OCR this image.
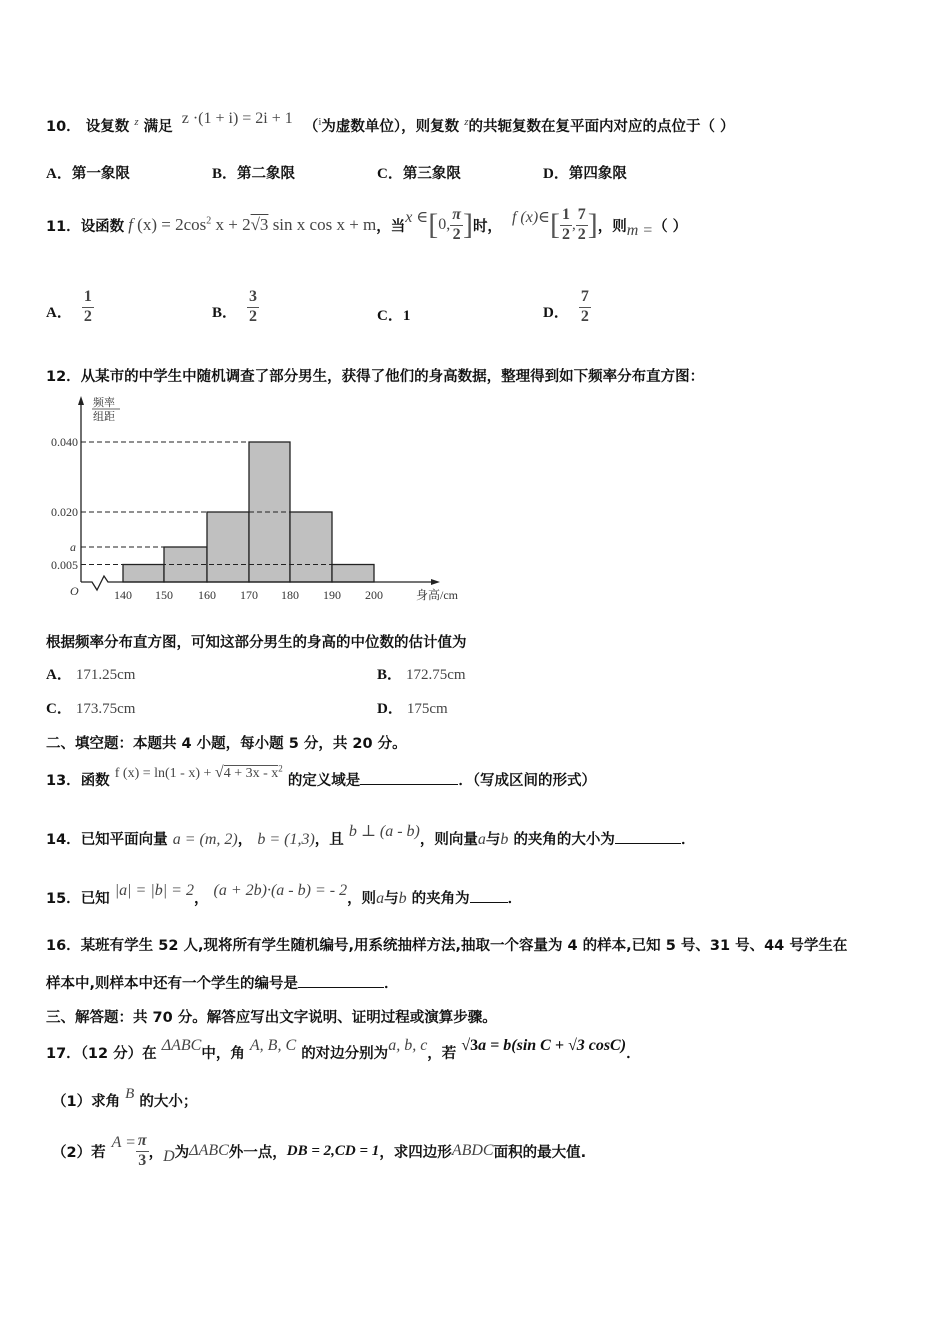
10． 设复数 $^z$ 满足 z ·(1 + i) = 2i + 1 （$^i$为虚数单位），则复数 $^z$的共轭复数在复平面内对应的点位于（ ）
A．第一象限	B．第二象限	C．第三象限	D．第四象限
11． 设函数 f $(x) = 2\cos^2$ x + 2√3 sin x cos x + m ，当
x ∈ [ 0, $\frac{\pi}{2}$ ] 时，
f (x)∈ [ $\frac{1}{2}$ , $\frac{7}{2}$ ] ，则 m = （ ）
A． $\frac{1}{2}$	B． $\frac{3}{2}$	C．1	D． $\frac{7}{2}$
12．从某市的中学生中随机调查了部分男生，获得了他们的身高数据，整理得到如下频率分布直方图：
频率
组距
0.040
0.020
a
0.005
O	140 150 160 170 180 190 200	身高/cm
根据频率分布直方图，可知这部分男生的身高的中位数的估计值为
A． 171.25cm	B． 172.75cm
C． 173.75cm	D． 175cm
二、填空题：本题共 4 小题，每小题 5 分，共 20 分。
13．函数 f $(x) = \ln(1 - x) + √4 + 3x - x^2$ 的定义域是	．（写成区间的形式）
14．已知平面向量 a = (m, 2)， b = (1,3)，且 b ⊥ (a - b)，则向量a与b 的夹角的大小为	．
15．已知 |a| = |b| = 2， (a + 2b)·(a - b) = - 2，则a与b 的夹角为	．
16．某班有学生 52 人,现将所有学生随机编号,用系统抽样方法,抽取一个容量为 4 的样本,已知 5 号、31 号、44 号学生在
样本中,则样本中还有一个学生的编号是	．
三、解答题：共 70 分。解答应写出文字说明、证明过程或演算步骤。
17．（12 分）在 ΔABC中，角 A, B, C 的对边分别为a, b, c，若 √3a = b(sin C + √3 cosC)．
（1）求角 B 的大小；
（2）若
$A = \frac{\pi}{3}$ ， D 为 ΔABC 外一点， DB = 2,CD = 1 ，求四边形 ABDC 面积的最大值.
